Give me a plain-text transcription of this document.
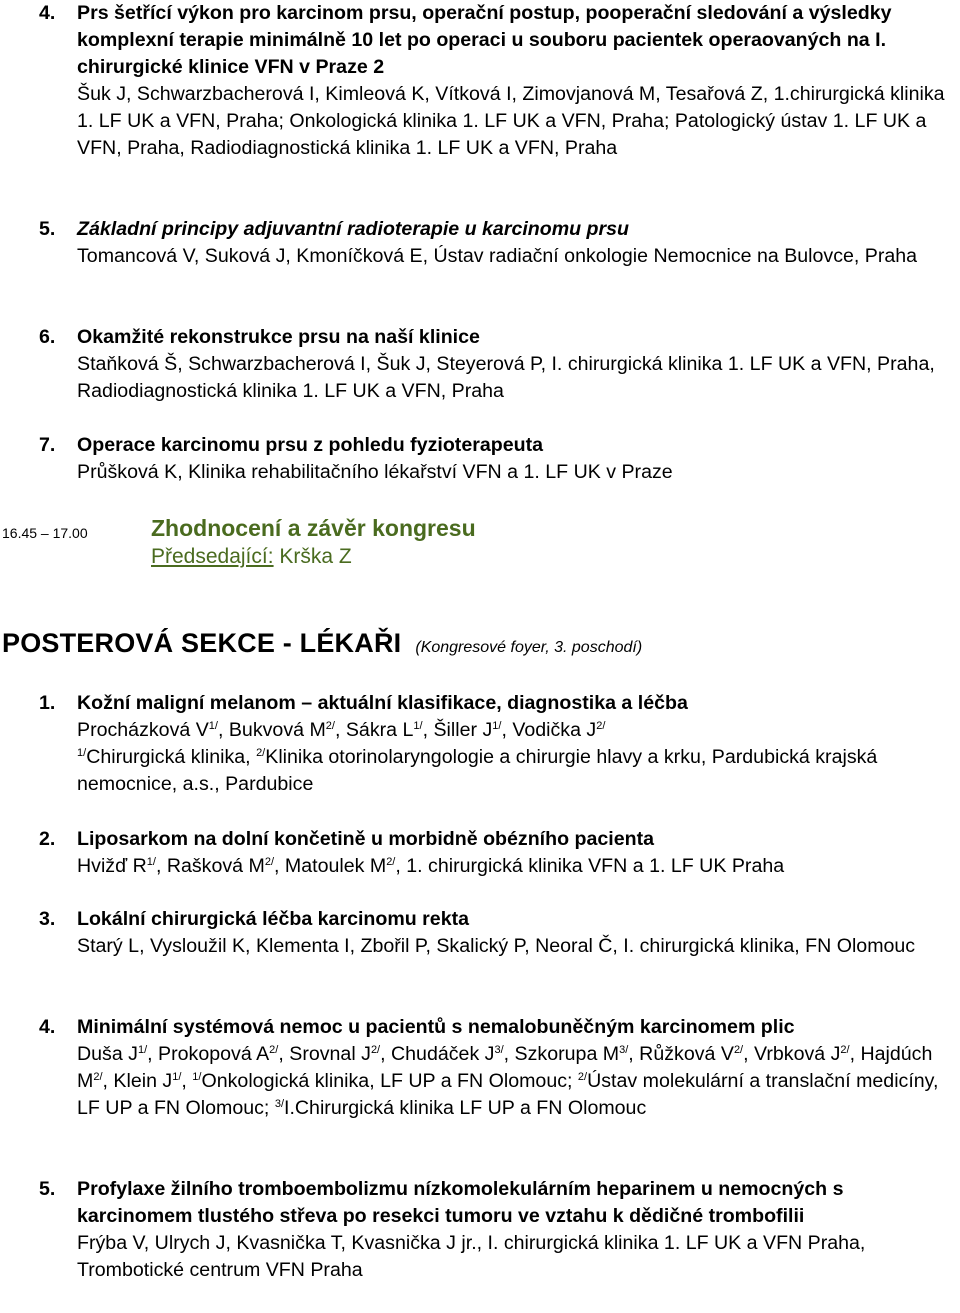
4. Prs šetřící výkon pro karcinom prsu, operační postup, pooperační sledování a výsledky komplexní terapie minimálně 10 let po operaci u souboru pacientek operaovaných na I. chirurgické klinice VFN v Praze 2
Šuk J, Schwarzbacherová I, Kimleová K, Vítková I, Zimovjanová M, Tesařová Z, 1.chirurgická klinika 1. LF UK a VFN, Praha; Onkologická klinika 1. LF UK a VFN, Praha; Patologický ústav 1. LF UK a VFN, Praha, Radiodiagnostická klinika 1. LF UK a VFN, Praha
5. Základní principy adjuvantní radioterapie u karcinomu prsu
Tomancová V, Suková J, Kmoníčková E, Ústav radiační onkologie Nemocnice na Bulovce, Praha
6. Okamžité rekonstrukce prsu na naší klinice
Staňková Š, Schwarzbacherová I, Šuk J, Steyerová P, I. chirurgická klinika 1. LF UK a VFN, Praha, Radiodiagnostická klinika 1. LF UK a VFN, Praha
7. Operace karcinomu prsu z pohledu fyzioterapeuta
Průšková K, Klinika rehabilitačního lékařství VFN a 1. LF UK v Praze
16.45 – 17.00	Zhodnocení a závěr kongresu
Předsedající: Krška Z
POSTEROVÁ SEKCE - LÉKAŘI (Kongresové foyer, 3. poschodí)
1. Kožní maligní melanom – aktuální klasifikace, diagnostika a léčba
Procházková $V^{1/}$, Bukvová $M^{2/}$, Sákra $L^{1/}$, Šiller $J^{1/}$, Vodička $J^{2/}$
$^{1/}$Chirurgická klinika, $^{2/}$Klinika otorinolaryngologie a chirurgie hlavy a krku, Pardubická krajská nemocnice, a.s., Pardubice
2. Liposarkom na dolní končetině u morbidně obézního pacienta
Hvižď $R^{1/}$, Rašková $M^{2/}$, Matoulek $M^{2/}$, 1. chirurgická klinika VFN a 1. LF UK Praha
3. Lokální chirurgická léčba karcinomu rekta
Starý L, Vysloužil K, Klementa I, Zbořil P, Skalický P, Neoral Č, I. chirurgická klinika, FN Olomouc
4. Minimální systémová nemoc u pacientů s nemalobuněčným karcinomem plic
Duša $J^{1/}$, Prokopová $A^{2/}$, Srovnal $J^{2/}$, Chudáček $J^{3/}$, Szkorupa $M^{3/}$, Růžková $V^{2/}$, Vrbková $J^{2/}$, Hajdúch $M^{2/}$, Klein $J^{1/}$, $^{1/}$Onkologická klinika, LF UP a FN Olomouc; $^{2/}$Ústav molekulární a translační medicíny, LF UP a FN Olomouc; $^{3/}$I.Chirurgická klinika LF UP a FN Olomouc
5. Profylaxe žilního tromboembolizmu nízkomolekulárním heparinem u nemocných s karcinomem tlustého střeva po resekci tumoru ve vztahu k dědičné trombofilii
Frýba V, Ulrych J, Kvasnička T, Kvasnička J jr., I. chirurgická klinika 1. LF UK a VFN Praha, Trombotické centrum VFN Praha
